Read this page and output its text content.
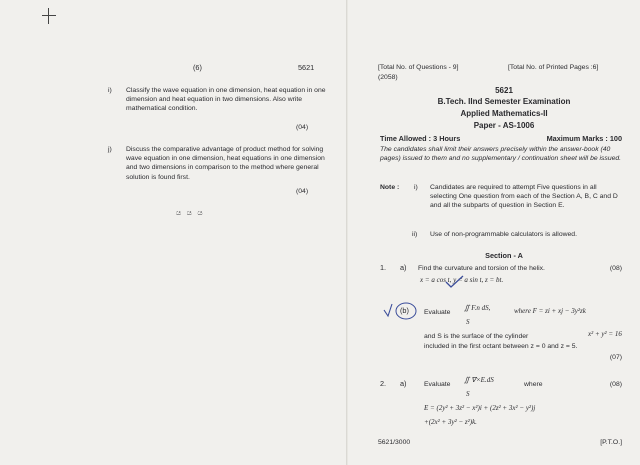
(6)	5621
i) Classify the wave equation in one dimension, heat equation in one dimension and heat equation in two dimensions. Also write mathematical condition.
(04)
j) Discuss the comparative advantage of product method for solving wave equation in one dimension, heat equations in one dimension and two dimensions in comparison to the method where general solution is found first.
(04)
ය ය ය
[Total No. of Questions - 9]	[Total No. of Printed Pages :6]
(2058)
5621
B.Tech. IInd Semester Examination
Applied Mathematics-II
Paper - AS-1006
Time Allowed : 3 Hours	Maximum Marks : 100
The candidates shall limit their answers precisely within the answer-book (40 pages) issued to them and no supplementary / continuation sheet will be issued.
Note : i) Candidates are required to attempt Five questions in all selecting One question from each of the Section A, B, C and D and all the subparts of question in Section E.
ii) Use of non-programmable calculators is allowed.
Section - A
1. a) Find the curvature and torsion of the helix.	(08)
x = a cos t, y = a sin t, z = bt.
(b) Evaluate
∬ F.n dS,
S
where F = zi + xj − 3y²zk
and S is the surface of the cylinder	x² + y² = 16
included in the first octant between z = 0 and z = 5.
(07)
2. a)	Evaluate
∬ ∇×E.dS
S
where	(08)
E = (2y² + 3z² − x²)i + (2z² + 3x² − y²)j
+(2x² + 3y² − z²)k.
5621/3000	[P.T.O.]
